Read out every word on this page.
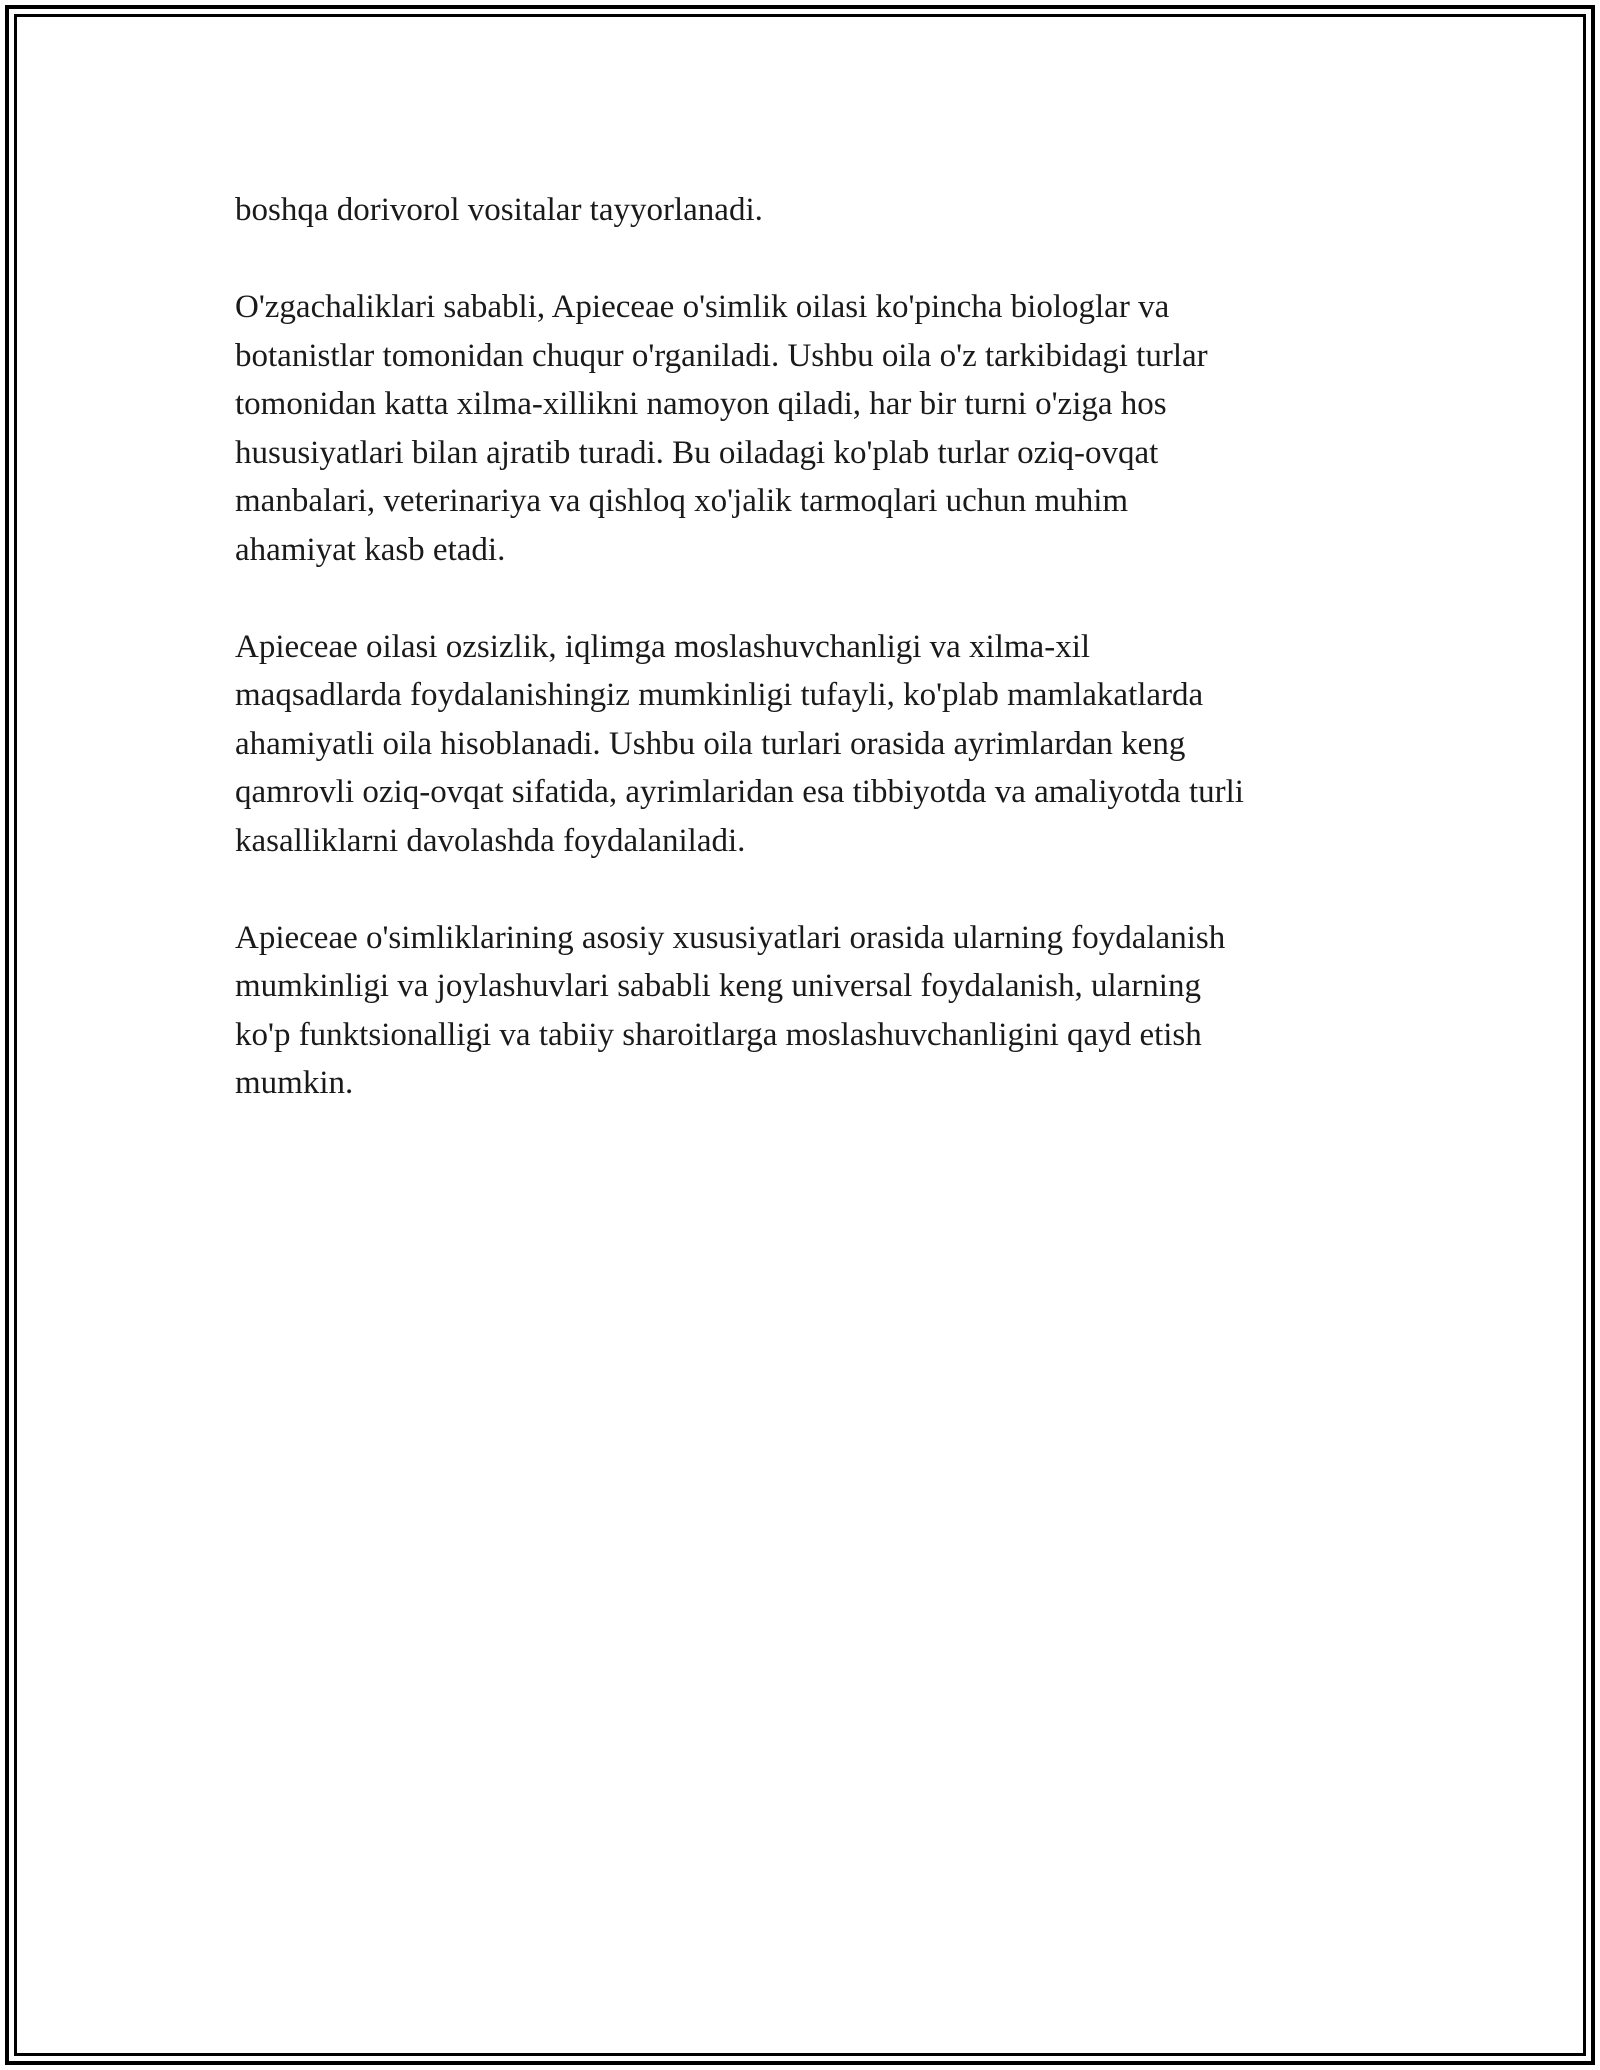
boshqa dorivorol vositalar tayyorlanadi.

O'zgachaliklari sababli, Apieceae o'simlik oilasi ko'pincha biologlar va
botanistlar tomonidan chuqur o'rganiladi. Ushbu oila o'z tarkibidagi turlar
tomonidan katta xilma-xillikni namoyon qiladi, har bir turni o'ziga hos
hususiyatlari bilan ajratib turadi. Bu oiladagi ko'plab turlar oziq-ovqat
manbalari, veterinariya va qishloq xo'jalik tarmoqlari uchun muhim
ahamiyat kasb etadi.

Apieceae oilasi ozsizlik, iqlimga moslashuvchanligi va xilma-xil
maqsadlarda foydalanishingiz mumkinligi tufayli, ko'plab mamlakatlarda
ahamiyatli oila hisoblanadi. Ushbu oila turlari orasida ayrimlardan keng
qamrovli oziq-ovqat sifatida, ayrimlaridan esa tibbiyotda va amaliyotda turli
kasalliklarni davolashda foydalaniladi.

Apieceae o'simliklarining asosiy xususiyatlari orasida ularning foydalanish
mumkinligi va joylashuvlari sababli keng universal foydalanish, ularning
ko'p funktsionalligi va tabiiy sharoitlarga moslashuvchanligini qayd etish
mumkin.
